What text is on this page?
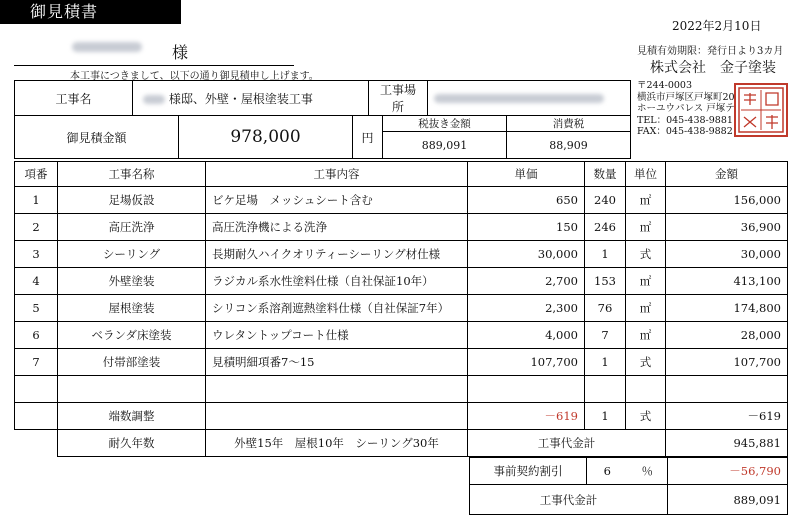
御見積書
2022年2月10日
見積有効期限：発行日より3カ月
様
本工事につきまして、以下の通り御見積申し上げます。
株式会社　金子塗装
〒244-0003
横浜市戸塚区戸塚町20
ホーユウパレス 戸塚テ
TEL：045-438-9881
FAX：045-438-9882
工事名	様邸、外壁・屋根塗装工事	工事場所	
御見積金額	978,000	円	
税抜き金額	消費税
889,091	88,909
項番	工事名称	工事内容	単価	数量	単位	金額
1	足場仮設	ビケ足場　メッシュシート含む	650	240	㎡	156,000
2	高圧洗浄	高圧洗浄機による洗浄	150	246	㎡	36,900
3	シーリング	長期耐久ハイクオリティーシーリング材仕様	30,000	1	式	30,000
4	外壁塗装	ラジカル系水性塗料仕様（自社保証10年）	2,700	153	㎡	413,100
5	屋根塗装	シリコン系溶剤遮熱塗料仕様（自社保証7年）	2,300	76	㎡	174,800
6	ベランダ床塗装	ウレタントップコート仕様	4,000	7	㎡	28,000
7	付帯部塗装	見積明細項番7～15	107,700	1	式	107,700

	端数調整		－619	1	式	－619
	耐久年数	外壁15年　屋根10年　シーリング30年	工事代金計			945,881
事前契約割引	6	％	－56,790
工事代金計			889,091
